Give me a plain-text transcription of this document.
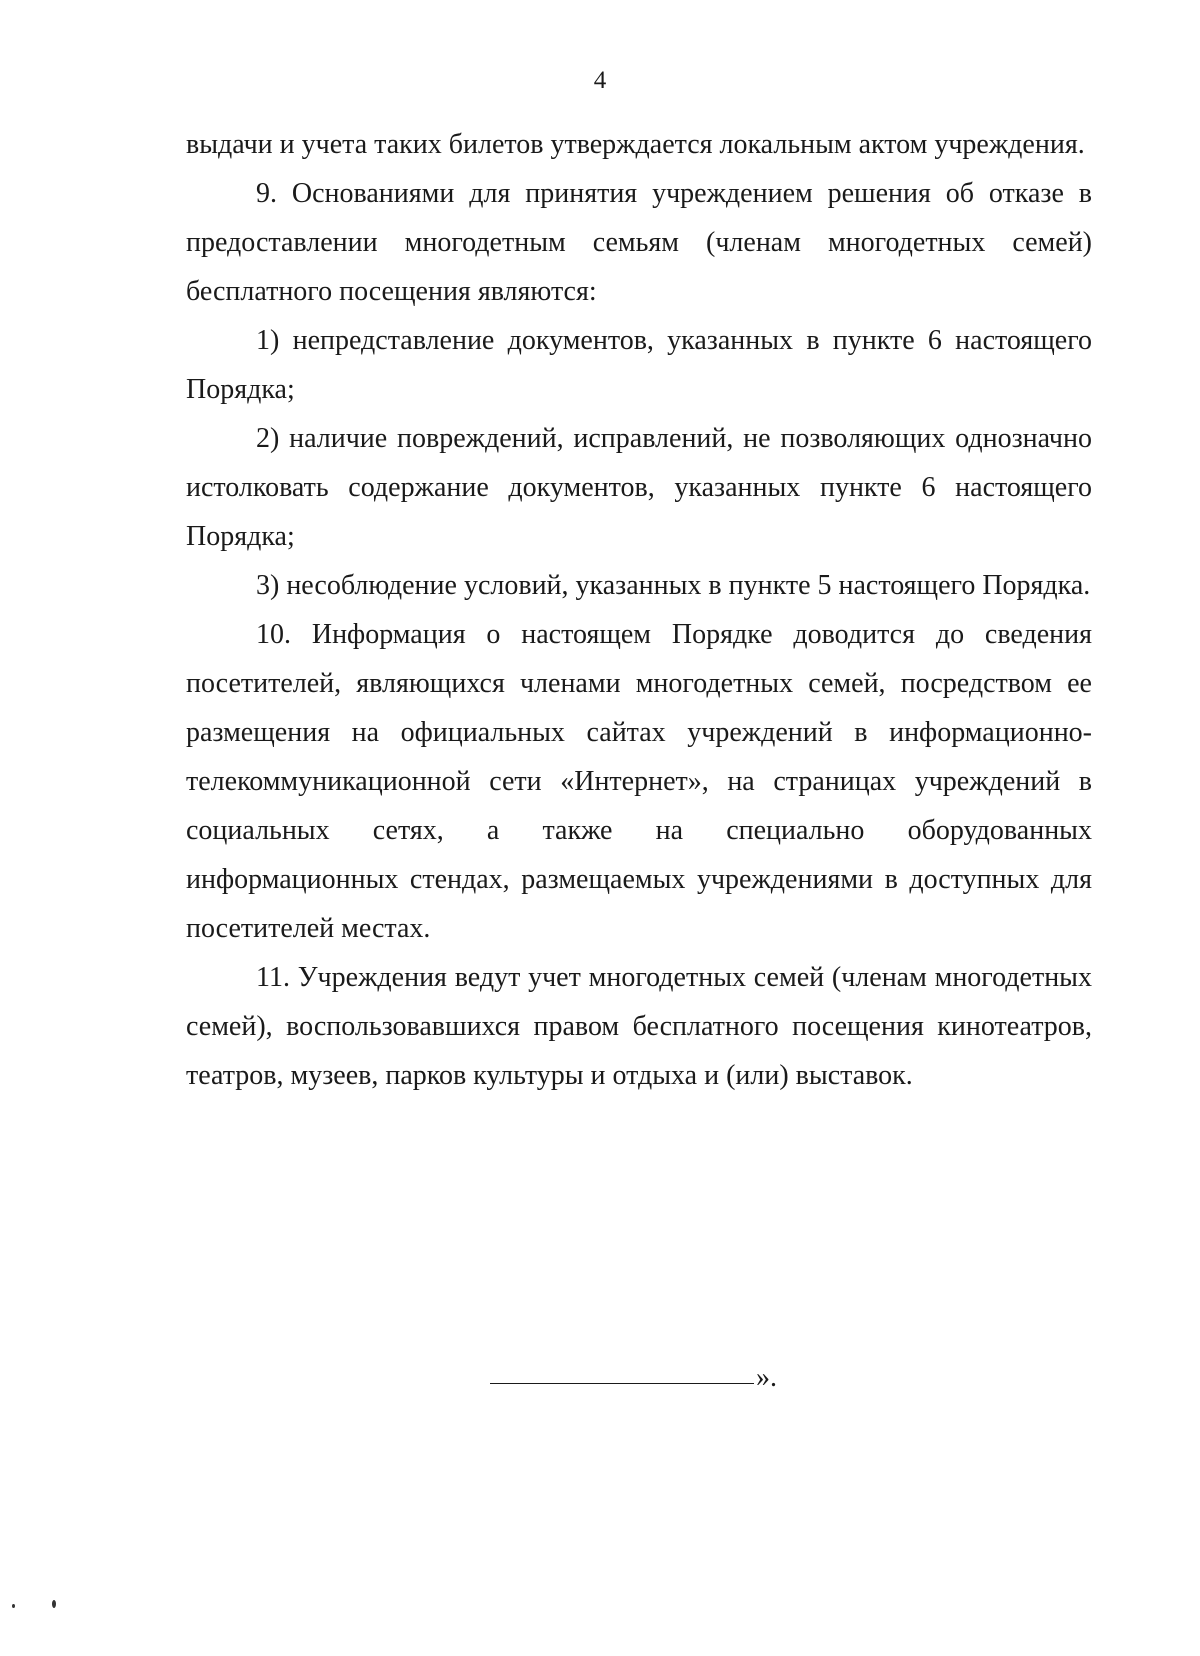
4

выдачи и учета таких билетов утверждается локальным актом учреждения.

9. Основаниями для принятия учреждением решения об отказе в предоставлении многодетным семьям (членам многодетных семей) бесплатного посещения являются:

1) непредставление документов, указанных в пункте 6 настоящего Порядка;

2) наличие повреждений, исправлений, не позволяющих однозначно истолковать содержание документов, указанных пункте 6 настоящего Порядка;

3) несоблюдение условий, указанных в пункте 5 настоящего Порядка.

10. Информация о настоящем Порядке доводится до сведения посетителей, являющихся членами многодетных семей, посредством ее размещения на официальных сайтах учреждений в информационно-телекоммуникационной сети «Интернет», на страницах учреждений в социальных сетях, а также на специально оборудованных информационных стендах, размещаемых учреждениями в доступных для посетителей местах.

11. Учреждения ведут учет многодетных семей (членам многодетных семей), воспользовавшихся правом бесплатного посещения кинотеатров, театров, музеев, парков культуры и отдыха и (или) выставок.

».
